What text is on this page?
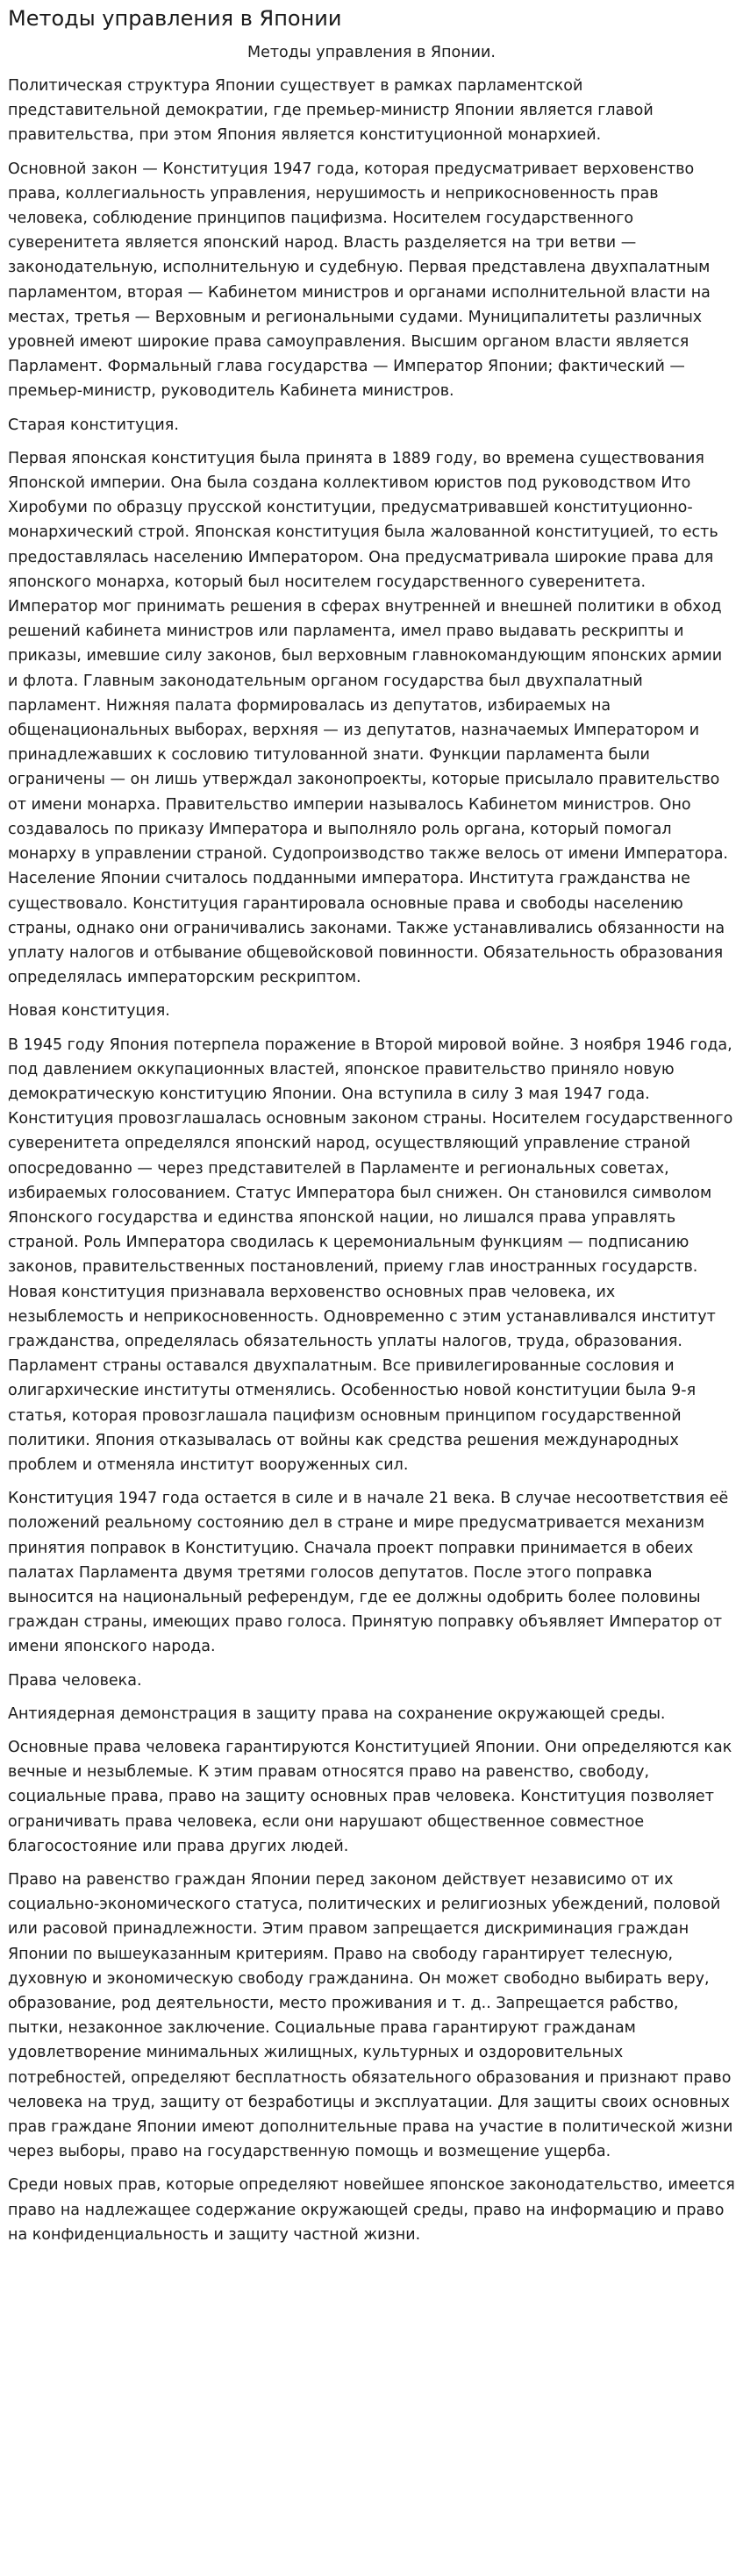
Методы управления в Японии
Методы управления в Японии.

Политическая структура Японии существует в рамках парламентской представительной демократии, где премьер-министр Японии является главой правительства, при этом Япония является конституционной монархией.

Основной закон — Конституция 1947 года, которая предусматривает верховенство права, коллегиальность управления, нерушимость и неприкосновенность прав человека, соблюдение принципов пацифизма. Носителем государственного суверенитета является японский народ. Власть разделяется на три ветви — законодательную, исполнительную и судебную. Первая представлена двухпалатным парламентом, вторая — Кабинетом министров и органами исполнительной власти на местах, третья — Верховным и региональными судами. Муниципалитеты различных уровней имеют широкие права самоуправления. Высшим органом власти является Парламент. Формальный глава государства — Император Японии; фактический — премьер-министр, руководитель Кабинета министров.

Старая конституция.

Первая японская конституция была принята в 1889 году, во времена существования Японской империи. Она была создана коллективом юристов под руководством Ито Хиробуми по образцу прусской конституции, предусматривавшей конституционно-монархический строй. Японская конституция была жалованной конституцией, то есть предоставлялась населению Императором. Она предусматривала широкие права для японского монарха, который был носителем государственного суверенитета.
Император мог принимать решения в сферах внутренней и внешней политики в обход решений кабинета министров или парламента, имел право выдавать рескрипты и приказы, имевшие силу законов, был верховным главнокомандующим японских армии и флота. Главным законодательным органом государства был двухпалатный парламент. Нижняя палата формировалась из депутатов, избираемых на общенациональных выборах, верхняя — из депутатов, назначаемых Императором и принадлежавших к сословию титулованной знати. Функции парламента были ограничены — он лишь утверждал законопроекты, которые присылало правительство от имени монарха. Правительство империи называлось Кабинетом министров. Оно создавалось по приказу Императора и выполняло роль органа, который помогал монарху в управлении страной. Судопроизводство также велось от имени Императора. Население Японии считалось подданными императора. Института гражданства не существовало. Конституция гарантировала основные права и свободы населению страны, однако они ограничивались законами. Также устанавливались обязанности на уплату налогов и отбывание общевойсковой повинности. Обязательность образования определялась императорским рескриптом.

Новая конституция.

В 1945 году Япония потерпела поражение в Второй мировой войне. 3 ноября 1946 года, под давлением оккупационных властей, японское правительство приняло новую демократическую конституцию Японии. Она вступила в силу 3 мая 1947 года. Конституция провозглашалась основным законом страны. Носителем государственного суверенитета определялся японский народ, осуществляющий управление страной опосредованно — через представителей в Парламенте и региональных советах, избираемых голосованием. Статус Императора был снижен. Он становился символом Японского государства и единства японской нации, но лишался права управлять страной. Роль Императора сводилась к церемониальным функциям — подписанию законов, правительственных постановлений, приему глав иностранных государств. Новая конституция признавала верховенство основных прав человека, их незыблемость и неприкосновенность. Одновременно с этим устанавливался институт гражданства, определялась обязательность уплаты налогов, труда, образования. Парламент страны оставался двухпалатным. Все привилегированные сословия и олигархические институты отменялись. Особенностью новой конституции была 9-я статья, которая провозглашала пацифизм основным принципом государственной политики. Япония отказывалась от войны как средства решения международных проблем и отменяла институт вооруженных сил.

Конституция 1947 года остается в силе и в начале 21 века. В случае несоответствия её положений реальному состоянию дел в стране и мире предусматривается механизм принятия поправок в Конституцию. Сначала проект поправки принимается в обеих палатах Парламента двумя третями голосов депутатов. После этого поправка выносится на национальный референдум, где ее должны одобрить более половины граждан страны, имеющих право голоса. Принятую поправку объявляет Император от имени японского народа.

Права человека.

Антиядерная демонстрация в защиту права на сохранение окружающей среды.

Основные права человека гарантируются Конституцией Японии. Они определяются как вечные и незыблемые. К этим правам относятся право на равенство, свободу, социальные права, право на защиту основных прав человека. Конституция позволяет ограничивать права человека, если они нарушают общественное совместное благосостояние или права других людей.

Право на равенство граждан Японии перед законом действует независимо от их социально-экономического статуса, политических и религиозных убеждений, половой или расовой принадлежности. Этим правом запрещается дискриминация граждан Японии по вышеуказанным критериям. Право на свободу гарантирует телесную, духовную и экономическую свободу гражданина. Он может свободно выбирать веру, образование, род деятельности, место проживания и т. д.. Запрещается рабство, пытки, незаконное заключение. Социальные права гарантируют гражданам удовлетворение минимальных жилищных, культурных и оздоровительных потребностей, определяют бесплатность обязательного образования и признают право человека на труд, защиту от безработицы и эксплуатации. Для защиты своих основных прав граждане Японии имеют дополнительные права на участие в политической жизни через выборы, право на государственную помощь и возмещение ущерба.

Среди новых прав, которые определяют новейшее японское законодательство, имеется право на надлежащее содержание окружающей среды, право на информацию и право на конфиденциальность и защиту частной жизни.
